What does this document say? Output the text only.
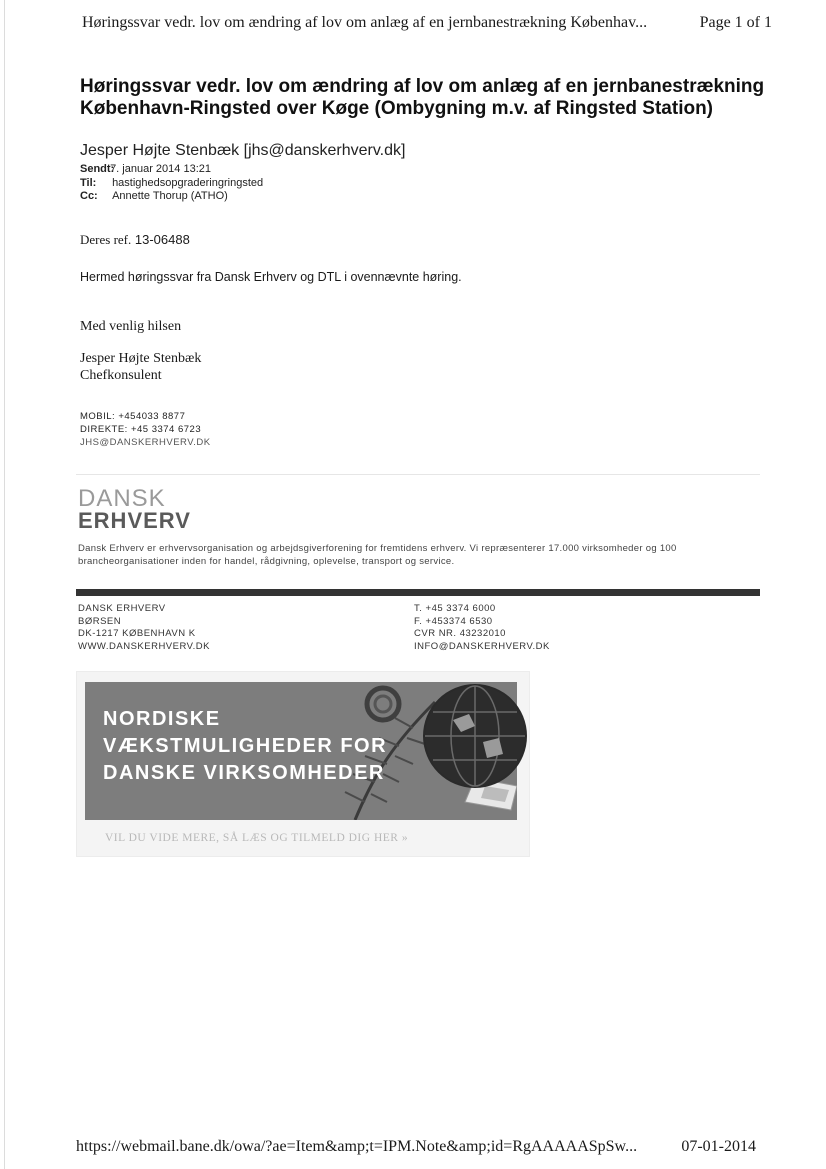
Høringssvar vedr. lov om ændring af lov om anlæg af en jernbanestrækning Københav...	Page 1 of 1
Høringssvar vedr. lov om ændring af lov om anlæg af en jernbanestrækning København-Ringsted over Køge (Ombygning m.v. af Ringsted Station)
Jesper Højte Stenbæk [jhs@danskerhverv.dk]
Sendt: 7. januar 2014 13:21
Til: hastighedsopgraderingringsted
Cc: Annette Thorup (ATHO)
Deres ref. 13-06488
Hermed høringssvar fra Dansk Erhverv og DTL i ovennævnte høring.
Med venlig hilsen
Jesper Højte Stenbæk
Chefkonsulent
MOBIL: +454033 8877
DIREKTE: +45 3374 6723
JHS@DANSKERHVERV.DK
DANSK
ERHVERV
Dansk Erhverv er erhvervsorganisation og arbejdsgiverforening for fremtidens erhverv. Vi repræsenterer 17.000 virksomheder og 100 brancheorganisationer inden for handel, rådgivning, oplevelse, transport og service.
DANSK ERHVERV
BØRSEN
DK-1217 KØBENHAVN K
WWW.DANSKERHVERV.DK
T. +45 3374 6000
F. +453374 6530
CVR NR. 43232010
INFO@DANSKERHVERV.DK
NORDISKE
VÆKSTMULIGHEDER FOR
DANSKE VIRKSOMHEDER
VIL DU VIDE MERE, SÅ LÆS OG TILMELD DIG HER »
https://webmail.bane.dk/owa/?ae=Item&amp;t=IPM.Note&amp;id=RgAAAAASpSw...	07-01-2014
